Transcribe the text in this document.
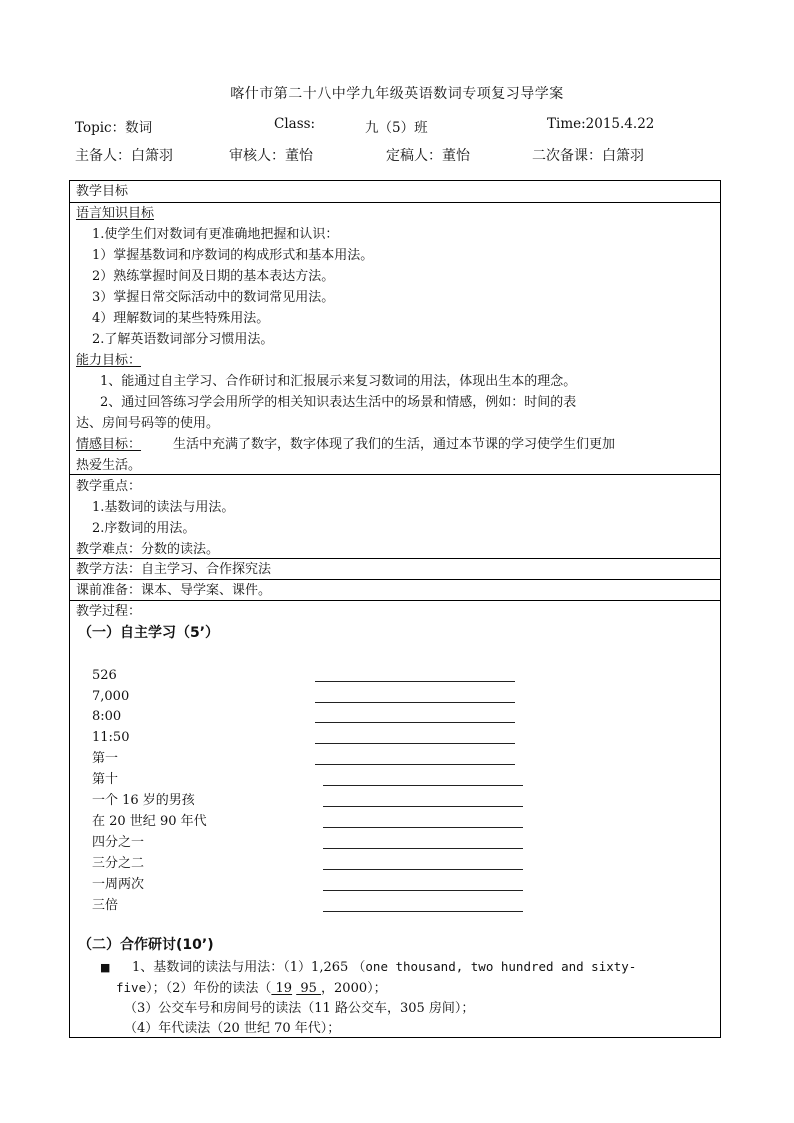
喀什市第二十八中学九年级英语数词专项复习导学案
Topic：数词	Class:	九（5）班	Time:2015.4.22
主备人：白箫羽	审核人：董怡	定稿人：董怡	二次备课：白箫羽
教学目标
语言知识目标
1.使学生们对数词有更准确地把握和认识：
1）掌握基数词和序数词的构成形式和基本用法。
2）熟练掌握时间及日期的基本表达方法。
3）掌握日常交际活动中的数词常见用法。
4）理解数词的某些特殊用法。
2.了解英语数词部分习惯用法。
能力目标：
1、能通过自主学习、合作研讨和汇报展示来复习数词的用法，体现出生本的理念。
2、通过回答练习学会用所学的相关知识表达生活中的场景和情感，例如：时间的表
达、房间号码等的使用。
情感目标： 生活中充满了数字，数字体现了我们的生活，通过本节课的学习使学生们更加
热爱生活。
教学重点：
1.基数词的读法与用法。
2.序数词的用法。
教学难点：分数的读法。
教学方法：自主学习、合作探究法
课前准备：课本、导学案、课件。
教学过程：
（一）自主学习（5’）
526
7,000
8:00
11:50
第一
第十
一个 16 岁的男孩
在 20 世纪 90 年代
四分之一
三分之二
一周两次
三倍
（二）合作研讨(10’)
■ 1、基数词的读法与用法：（1）1,265 （one thousand, two hundred and sixty-
five）；（2）年份的读法（ 19  95 ，2000）；
（3）公交车号和房间号的读法（11 路公交车，305 房间）；
（4）年代读法（20 世纪 70 年代）；
